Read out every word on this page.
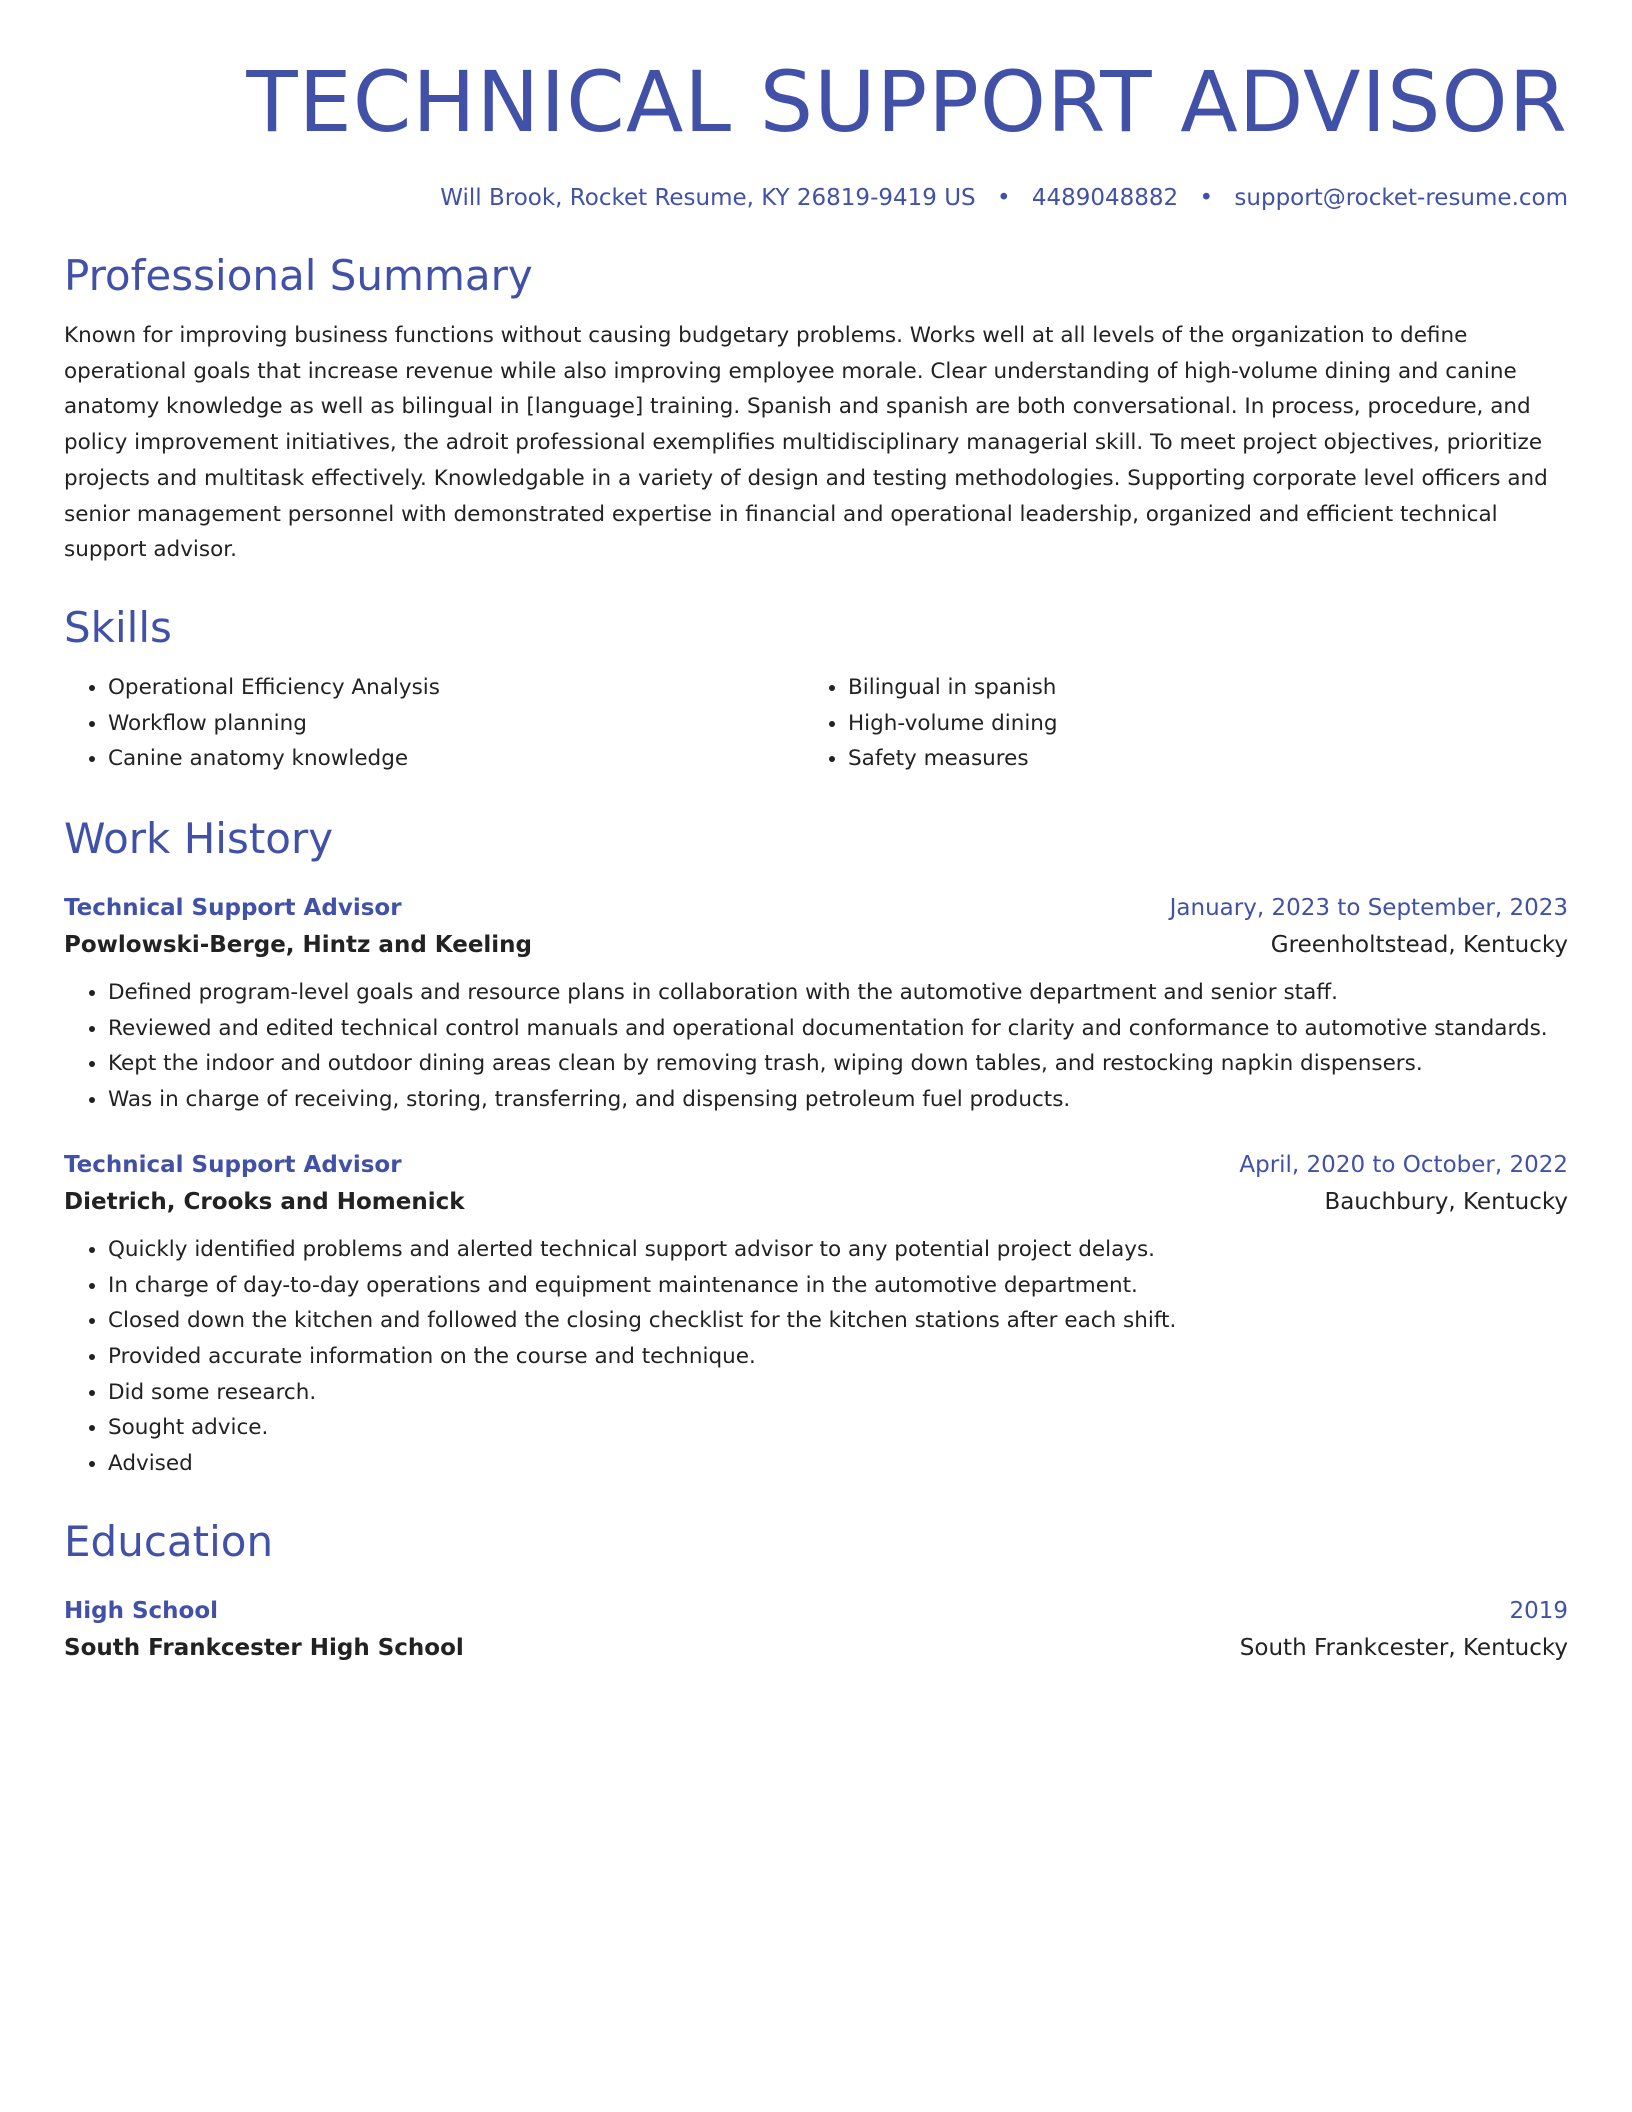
TECHNICAL SUPPORT ADVISOR
Will Brook, Rocket Resume, KY 26819-9419 US • 4489048882 • support@rocket-resume.com
Professional Summary
Known for improving business functions without causing budgetary problems. Works well at all levels of the organization to define operational goals that increase revenue while also improving employee morale. Clear understanding of high-volume dining and canine anatomy knowledge as well as bilingual in [language] training. Spanish and spanish are both conversational. In process, procedure, and policy improvement initiatives, the adroit professional exemplifies multidisciplinary managerial skill. To meet project objectives, prioritize projects and multitask effectively. Knowledgable in a variety of design and testing methodologies. Supporting corporate level officers and senior management personnel with demonstrated expertise in financial and operational leadership, organized and efficient technical support advisor.
Skills
• Operational Efficiency Analysis
• Workflow planning
• Canine anatomy knowledge
• Bilingual in spanish
• High-volume dining
• Safety measures
Work History
Technical Support Advisor	January, 2023 to September, 2023
Powlowski-Berge, Hintz and Keeling	Greenholtstead, Kentucky
• Defined program-level goals and resource plans in collaboration with the automotive department and senior staff.
• Reviewed and edited technical control manuals and operational documentation for clarity and conformance to automotive standards.
• Kept the indoor and outdoor dining areas clean by removing trash, wiping down tables, and restocking napkin dispensers.
• Was in charge of receiving, storing, transferring, and dispensing petroleum fuel products.
Technical Support Advisor	April, 2020 to October, 2022
Dietrich, Crooks and Homenick	Bauchbury, Kentucky
• Quickly identified problems and alerted technical support advisor to any potential project delays.
• In charge of day-to-day operations and equipment maintenance in the automotive department.
• Closed down the kitchen and followed the closing checklist for the kitchen stations after each shift.
• Provided accurate information on the course and technique.
• Did some research.
• Sought advice.
• Advised
Education
High School	2019
South Frankcester High School	South Frankcester, Kentucky
